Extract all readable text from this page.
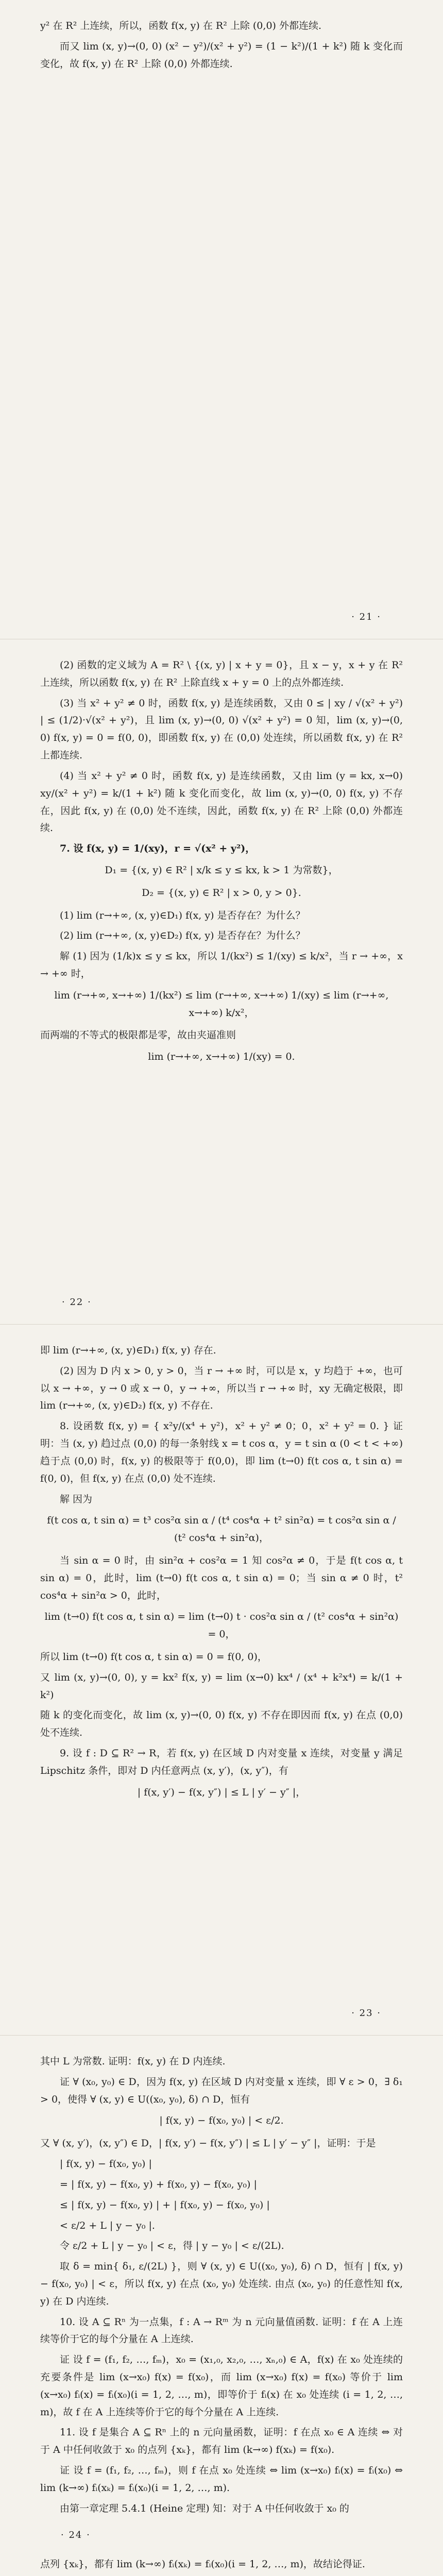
y² 在 R² 上连续，所以，函数 f(x, y) 在 R² 上除 (0,0) 外都连续.

而又 lim (x, y)→(0, 0) (x² − y²)/(x² + y²) = (1 − k²)/(1 + k²) 随 k 变化而变化，故 f(x, y) 在 R² 上除 (0,0) 外都连续.

· 21 ·

(2) 函数的定义域为 A = R² \ {(x, y) | x + y = 0}，且 x − y，x + y 在 R² 上连续，所以函数 f(x, y) 在 R² 上除直线 x + y = 0 上的点外都连续.

(3) 当 x² + y² ≠ 0 时，函数 f(x, y) 是连续函数，又由 0 ≤ | xy / √(x² + y²) | ≤ (1/2)·√(x² + y²)，且 lim (x, y)→(0, 0) √(x² + y²) = 0 知，lim (x, y)→(0, 0) f(x, y) = 0 = f(0, 0)，即函数 f(x, y) 在 (0,0) 处连续，所以函数 f(x, y) 在 R² 上都连续.

(4) 当 x² + y² ≠ 0 时，函数 f(x, y) 是连续函数，又由 lim (y = kx, x→0) xy/(x² + y²) = k/(1 + k²) 随 k 变化而变化，故 lim (x, y)→(0, 0) f(x, y) 不存在，因此 f(x, y) 在 (0,0) 处不连续，因此，函数 f(x, y) 在 R² 上除 (0,0) 外都连续.

7. 设 f(x, y) = 1/(xy)，r = √(x² + y²)，

D₁ = {(x, y) ∈ R² | x/k ≤ y ≤ kx, k > 1 为常数}，

D₂ = {(x, y) ∈ R² | x > 0, y > 0}.

(1) lim (r→+∞, (x, y)∈D₁) f(x, y) 是否存在？为什么？

(2) lim (r→+∞, (x, y)∈D₂) f(x, y) 是否存在？为什么？

解 (1) 因为 (1/k)x ≤ y ≤ kx，所以 1/(kx²) ≤ 1/(xy) ≤ k/x²，当 r → +∞，x → +∞ 时，

lim (r→+∞, x→+∞) 1/(kx²) ≤ lim (r→+∞, x→+∞) 1/(xy) ≤ lim (r→+∞, x→+∞) k/x²，

而两端的不等式的极限都是零，故由夹逼准则

lim (r→+∞, x→+∞) 1/(xy) = 0.

· 22 ·

即 lim (r→+∞, (x, y)∈D₁) f(x, y) 存在.

(2) 因为 D 内 x > 0, y > 0，当 r → +∞ 时，可以是 x，y 均趋于 +∞，也可以 x → +∞，y → 0 或 x → 0，y → +∞，所以当 r → +∞ 时，xy 无确定极限，即 lim (r→+∞, (x, y)∈D₂) f(x, y) 不存在.

8. 设函数 f(x, y) = { x²y/(x⁴ + y²)，x² + y² ≠ 0；0，x² + y² = 0. } 证明：当 (x, y) 趋过点 (0,0) 的每一条射线 x = t cos α，y = t sin α (0 < t < +∞) 趋于点 (0,0) 时，f(x, y) 的极限等于 f(0,0)，即 lim (t→0) f(t cos α, t sin α) = f(0, 0)，但 f(x, y) 在点 (0,0) 处不连续.

解 因为

f(t cos α, t sin α) = t³ cos²α sin α / (t⁴ cos⁴α + t² sin²α) = t cos²α sin α / (t² cos⁴α + sin²α)，

当 sin α = 0 时，由 sin²α + cos²α = 1 知 cos²α ≠ 0，于是 f(t cos α, t sin α) = 0，此时，lim (t→0) f(t cos α, t sin α) = 0；当 sin α ≠ 0 时，t² cos⁴α + sin²α > 0，此时，

lim (t→0) f(t cos α, t sin α) = lim (t→0) t · cos²α sin α / (t² cos⁴α + sin²α) = 0，

所以 lim (t→0) f(t cos α, t sin α) = 0 = f(0, 0)，

又 lim (x, y)→(0, 0), y = kx² f(x, y) = lim (x→0) kx⁴ / (x⁴ + k²x⁴) = k/(1 + k²)

随 k 的变化而变化，故 lim (x, y)→(0, 0) f(x, y) 不存在即因而 f(x, y) 在点 (0,0) 处不连续.

9. 设 f : D ⊆ R² → R，若 f(x, y) 在区域 D 内对变量 x 连续，对变量 y 满足 Lipschitz 条件，即对 D 内任意两点 (x, y′)，(x, y″)，有

| f(x, y′) − f(x, y″) | ≤ L | y′ − y″ |，

· 23 ·

其中 L 为常数. 证明：f(x, y) 在 D 内连续.

证 ∀ (x₀, y₀) ∈ D，因为 f(x, y) 在区域 D 内对变量 x 连续，即 ∀ ε > 0，∃ δ₁ > 0，使得 ∀ (x, y) ∈ U((x₀, y₀), δ) ∩ D，恒有

| f(x, y) − f(x₀, y₀) | < ε/2.

又 ∀ (x, y′)，(x, y″) ∈ D，| f(x, y′) − f(x, y″) | ≤ L | y′ − y″ |，证明：于是

| f(x, y) − f(x₀, y₀) |

= | f(x, y) − f(x₀, y) + f(x₀, y) − f(x₀, y₀) |

≤ | f(x, y) − f(x₀, y) | + | f(x₀, y) − f(x₀, y₀) |

< ε/2 + L | y − y₀ |.

令 ε/2 + L | y − y₀ | < ε，得 | y − y₀ | < ε/(2L).

取 δ = min{ δ₁, ε/(2L) }，则 ∀ (x, y) ∈ U((x₀, y₀), δ) ∩ D，恒有 | f(x, y) − f(x₀, y₀) | < ε，所以 f(x, y) 在点 (x₀, y₀) 处连续. 由点 (x₀, y₀) 的任意性知 f(x, y) 在 D 内连续.

10. 设 A ⊆ Rⁿ 为一点集，f : A → Rᵐ 为 n 元向量值函数. 证明：f 在 A 上连续等价于它的每个分量在 A 上连续.

证 设 f = (f₁, f₂, …, fₘ)，x₀ = (x₁,₀, x₂,₀, …, xₙ,₀) ∈ A，f(x) 在 x₀ 处连续的充要条件是 lim (x→x₀) f(x) = f(x₀)，而 lim (x→x₀) f(x) = f(x₀) 等价于 lim (x→x₀) fᵢ(x) = fᵢ(x₀)(i = 1, 2, …, m)，即等价于 fᵢ(x) 在 x₀ 处连续 (i = 1, 2, …, m)，故 f 在 A 上连续等价于它的每个分量在 A 上连续.

11. 设 f 是集合 A ⊆ Rⁿ 上的 n 元向量函数，证明：f 在点 x₀ ∈ A 连续 ⇔ 对于 A 中任何收敛于 x₀ 的点列 {xₖ}，都有 lim (k→∞) f(xₖ) = f(x₀).

证 设 f = (f₁, f₂, …, fₘ)，则 f 在点 x₀ 处连续 ⇔ lim (x→x₀) fᵢ(x) = fᵢ(x₀) ⇔ lim (k→∞) fᵢ(xₖ) = fᵢ(x₀)(i = 1, 2, …, m).

由第一章定理 5.4.1 (Heine 定理) 知：对于 A 中任何收敛于 x₀ 的

· 24 ·

点列 {xₖ}，都有 lim (k→∞) fᵢ(xₖ) = fᵢ(x₀)(i = 1, 2, …, m)，故结论得证.
